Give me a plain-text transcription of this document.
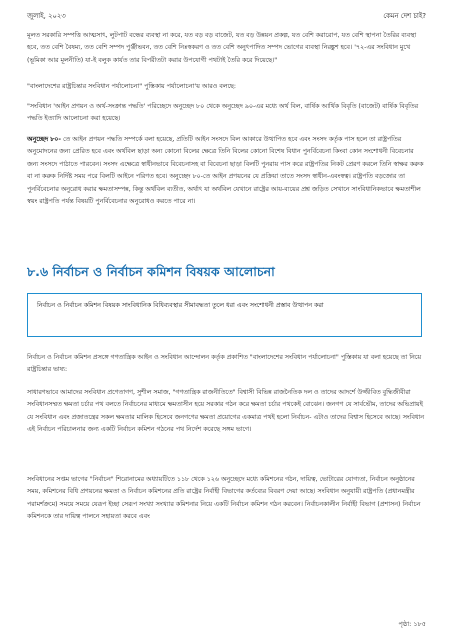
জুলাই, ২০২৩	কেমন দেশ চাই?

মূলত সরকারি সম্পত্তি আত্মসাৎ, লুটপাট বন্ধের ব্যবস্থা না করে, যত বড় বড় বাজেট, যত বড় উন্নয়ন প্রকল্প, যত বেশি করারোপ, যত বেশি স্থাপনা তৈরির ব্যবস্থা হবে, তত বেশি বৈষম্য, তত বেশি সম্পদ পুঞ্জীভবন, তত বেশি নিঃস্বকরণ ও তত বেশি অনুৎপাদিত সম্পদ ভোগের ব্যবস্থা নিরঙ্কুশ হবে। '৭২-এর সংবিধান মুখে (ভূমিকা আর মূলনীতি) যা-ই বলুক কার্যত তার বিপরীতটা করার উপযোগী পথটাই তৈরি করে দিয়েছে।"

"বাংলাদেশের রাষ্ট্রচিন্তার সংবিধান পর্যালোচনা" পুস্তিকায় পর্যালোচনা'য় আরও বলছে:

"সংবিধান 'আইন প্রণয়ন ও অর্থ-সংক্রান্ত পদ্ধতি' পরিচ্ছেদে অনুচ্ছেদ ৮০ থেকে অনুচ্ছেদ ৯০-এর মধ্যে অর্থ বিল, বার্ষিক আর্থিক বিবৃতি (বাজেট) বার্ষিক বিবৃতির পদ্ধতি ইত্যাদি আলোচনা করা হয়েছে।

অনুচ্ছেদ ৮০- তে আইন প্রণয়ন পদ্ধতি সম্পর্কে বলা হয়েছে, প্রতিটি আইন সংসদে বিল আকারে উত্থাপিত হবে এবং সংসদ কর্তৃক পাস হলে তা রাষ্ট্রপতির অনুমোদনের জন্য প্রেরিত হবে এবং অর্থবিল ছাড়া অন্য কোনো বিলের ক্ষেত্রে তিনি বিলের কোনো বিশেষ বিধান পুনর্বিবেচনা কিংবা কোন সংশোধনী বিবেচনার জন্য সংসদে পাঠাতে পারবেন। সংসদ এক্ষেত্রে স্বাধীনভাবে বিবেচনাসহ বা বিবেচনা ছাড়া বিলটি পুনরায় পাস করে রাষ্ট্রপতির নিকট প্রেরণ করলে তিনি স্বাক্ষর করুক বা না করুক নির্দিষ্ট সময় পরে বিলটি আইনে পরিণত হবে। অনুচ্ছেদ ৮০-তে আইন প্রণয়নের যে প্রক্রিয়া তাতে সংসদ স্বাধীন-এবংস্বত্ব। রাষ্ট্রপতি বড়জোর তা পুনর্বিবেচনার অনুরোধ করার ক্ষমতাসম্পন্ন, কিন্তু অর্থবিল ব্যতীত, অর্থাৎ যা অর্থবিল যেখানে রাষ্ট্রের আয়-ব্যয়ের প্রশ্ন জড়িত সেখানে সাংবিধানিকভাবে ক্ষমতাশীল স্বয়ং রাষ্ট্রপতি পর্যন্ত বিষয়টি পুনর্বিবেচনার অনুরোধও করতে পারে না।

৮.৬ নির্বাচন ও নির্বাচন কমিশন বিষয়ক আলোচনা
নির্বাচন ও নির্বাচন কমিশন বিষয়ক সাংবিধানিক বিধিব্যবস্থার সীমাবদ্ধতা তুলে ধরা এবং সংশোধনী প্রস্তাব উত্থাপন করা

নির্বাচন ও নির্বাচন কমিশন প্রসঙ্গে গণতান্ত্রিক আইন ও সংবিধান আন্দোলন কর্তৃক প্রকাশিত "বাংলাদেশের সংবিধান পর্যালোচনা" পুস্তিকায় যা বলা হয়েছে তা নিয়ে রাষ্ট্রচিন্তার ভাষ্য:

সাধারণভাবে আমাদের সংবিধান প্রণেতাগণ, সুশীল সমাজ, "গণতান্ত্রিক রাজনীতিতে" বিশ্বাসী বিভিন্ন রাজনৈতিক দল ও তাদের আদর্শে উজ্জীবিত বুদ্ধিজীবীরা সংবিধানসম্মত ক্ষমতা চর্চার পথ বলতে নির্বাচনের মাধ্যমে ক্ষমতাসীন হয়ে সরকার গঠন করে ক্ষমতা চর্চার পথকেই বোঝেন। জনগণ যে সার্বভৌম, তাদের অভিপ্রায়ই যে সংবিধান এবং প্রজাতন্ত্রের সকল ক্ষমতার মালিক হিসেবে জনগণের ক্ষমতা প্রয়োগের একমাত্র পথই হলো নির্বাচন- এটাও তাদের বিশ্বাস হিসেবে আছে। সংবিধান এই নির্বাচন পরিচালনার জন্য একটি নির্বাচন কমিশন গঠনের পথ নির্দেশ করেছে সঙ্গম ভাগে।

সংবিধানের সপ্তম ভাগের "নির্বাচন" শিরোনামের অধ্যায়টিতে ১১৮ থেকে ১২৬ অনুচ্ছেদে মধ্যে কমিশনের গঠন, দায়িত্ব, ভোটারের যোগ্যতা, নির্বাচন অনুষ্ঠানের সময়, কমিশনের বিধি প্রণয়নের ক্ষমতা ও নির্বাচন কমিশনের প্রতি রাষ্ট্রের নির্বাহী বিভাগের কর্তব্যের বিবরণ দেয়া আছে। সংবিধান অনুযায়ী রাষ্ট্রপতি (প্রধানমন্ত্রীর পরামর্শক্রমে) সময়ে সময়ে যেরূপ ইচ্ছা সেরূপ সংখ্যা সংখ্যার কমিশনার নিয়ে একটি নির্বাচন কমিশন গঠন করবেন। নির্বাচনকালীন নির্বাহী বিভাগ (প্রশাসন) নির্বাচন কমিশনকে তার দায়িত্ব পালনে সহায়তা করবে এবং

পৃষ্ঠা: ১৮৫
